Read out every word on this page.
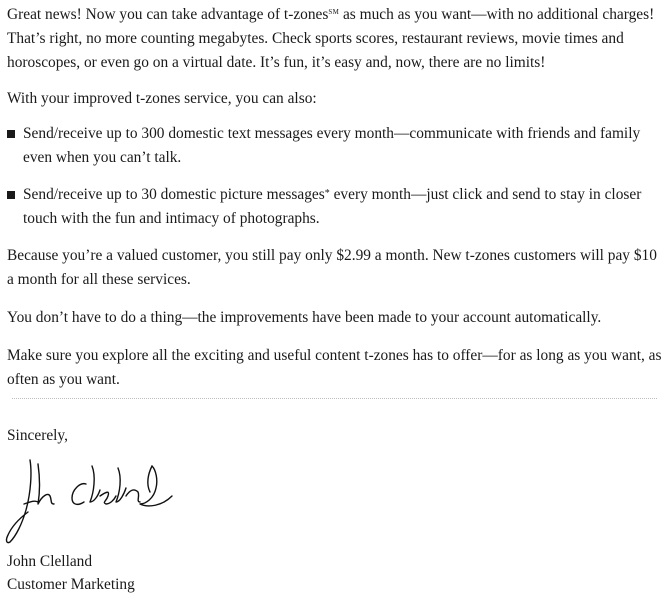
Great news! Now you can take advantage of t-zones℠ as much as you want—with no additional charges! That’s right, no more counting megabytes. Check sports scores, restaurant reviews, movie times and horoscopes, or even go on a virtual date. It’s fun, it’s easy and, now, there are no limits!

With your improved t-zones service, you can also:

Send/receive up to 300 domestic text messages every month—communicate with friends and family even when you can’t talk.
Send/receive up to 30 domestic picture messages* every month—just click and send to stay in closer touch with the fun and intimacy of photographs.

Because you’re a valued customer, you still pay only $2.99 a month. New t-zones customers will pay $10 a month for all these services.

You don’t have to do a thing—the improvements have been made to your account automatically.

Make sure you explore all the exciting and useful content t-zones has to offer—for as long as you want, as often as you want.

Sincerely,
John Clelland
Customer Marketing
